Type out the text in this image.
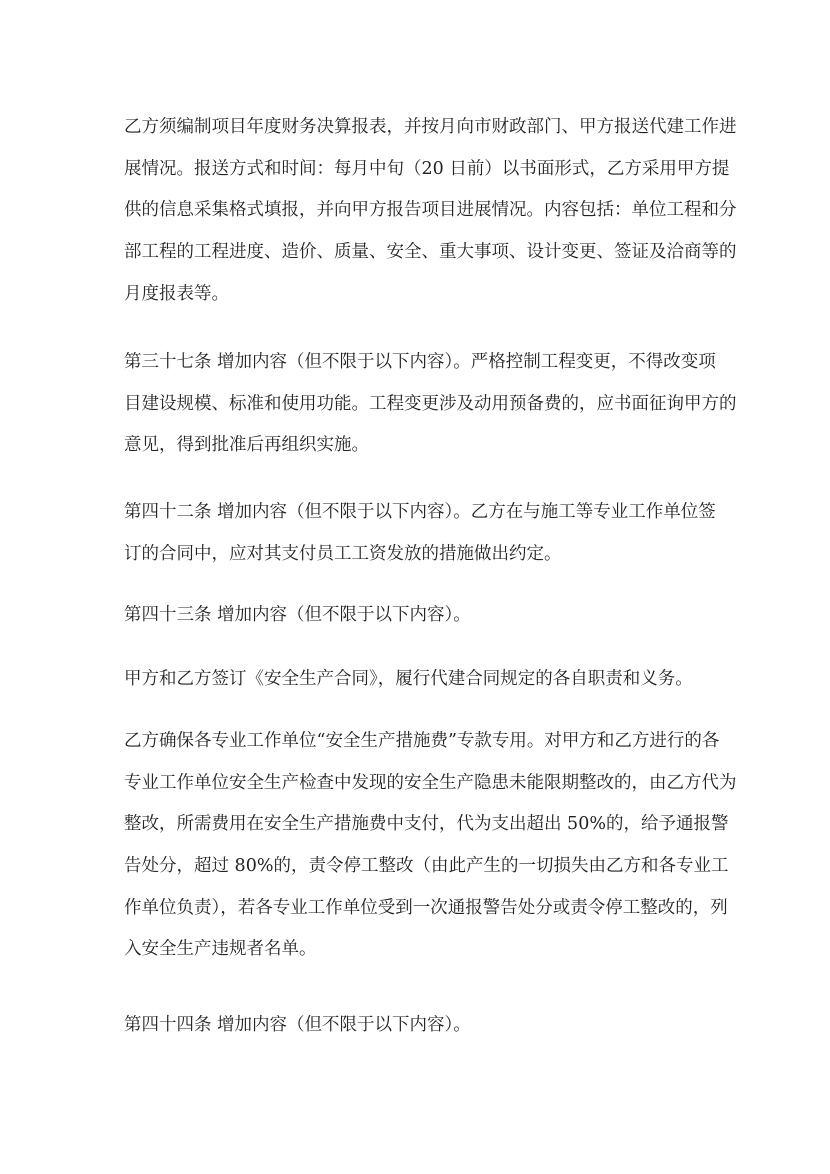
乙方须编制项目年度财务决算报表，并按月向市财政部门、甲方报送代建工作进
展情况。报送方式和时间：每月中旬（20 日前）以书面形式，乙方采用甲方提
供的信息采集格式填报，并向甲方报告项目进展情况。内容包括：单位工程和分
部工程的工程进度、造价、质量、安全、重大事项、设计变更、签证及洽商等的
月度报表等。
第三十七条 增加内容（但不限于以下内容）。严格控制工程变更，不得改变项
目建设规模、标准和使用功能。工程变更涉及动用预备费的，应书面征询甲方的
意见，得到批准后再组织实施。
第四十二条 增加内容（但不限于以下内容）。乙方在与施工等专业工作单位签
订的合同中，应对其支付员工工资发放的措施做出约定。
第四十三条 增加内容（但不限于以下内容）。
甲方和乙方签订《安全生产合同》，履行代建合同规定的各自职责和义务。
乙方确保各专业工作单位“安全生产措施费”专款专用。对甲方和乙方进行的各
专业工作单位安全生产检查中发现的安全生产隐患未能限期整改的，由乙方代为
整改，所需费用在安全生产措施费中支付，代为支出超出 50%的，给予通报警
告处分，超过 80%的，责令停工整改（由此产生的一切损失由乙方和各专业工
作单位负责），若各专业工作单位受到一次通报警告处分或责令停工整改的，列
入安全生产违规者名单。
第四十四条 增加内容（但不限于以下内容）。
